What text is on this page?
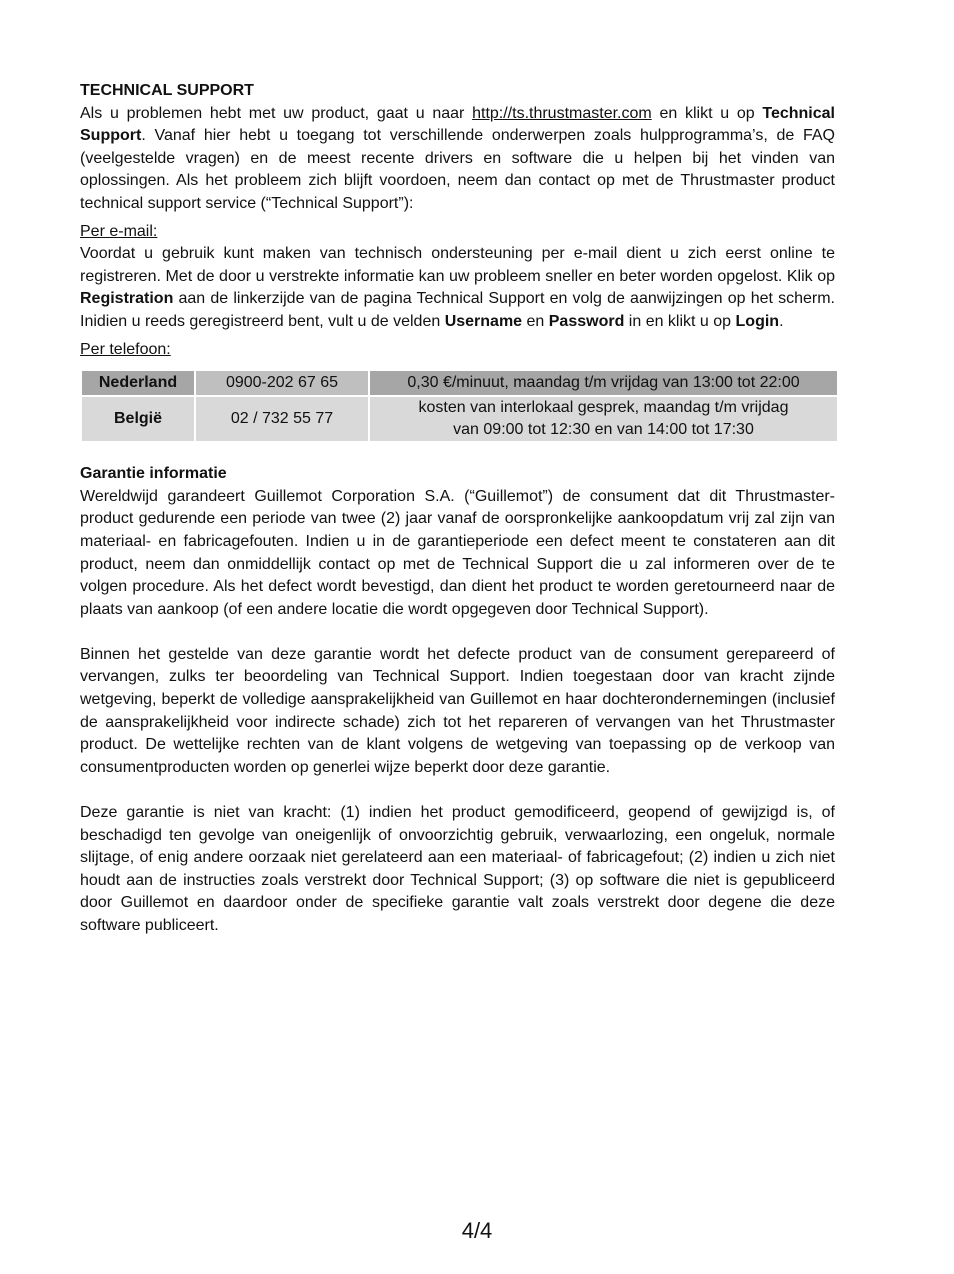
TECHNICAL SUPPORT

Als u problemen hebt met uw product, gaat u naar http://ts.thrustmaster.com en klikt u op Technical Support. Vanaf hier hebt u toegang tot verschillende onderwerpen zoals hulpprogramma’s, de FAQ (veelgestelde vragen) en de meest recente drivers en software die u helpen bij het vinden van oplossingen. Als het probleem zich blijft voordoen, neem dan contact op met de Thrustmaster product technical support service (“Technical Support”):

Per e-mail:

Voordat u gebruik kunt maken van technisch ondersteuning per e-mail dient u zich eerst online te registreren. Met de door u verstrekte informatie kan uw probleem sneller en beter worden opgelost. Klik op Registration aan de linkerzijde van de pagina Technical Support en volg de aanwijzingen op het scherm. Inidien u reeds geregistreerd bent, vult u de velden Username en Password in en klikt u op Login.

Per telefoon:

Nederland	0900-202 67 65	0,30 €/minuut, maandag t/m vrijdag van 13:00 tot 22:00
België	02 / 732 55 77	kosten van interlokaal gesprek, maandag t/m vrijdag
van 09:00 tot 12:30 en van 14:00 tot 17:30

Garantie informatie

Wereldwijd garandeert Guillemot Corporation S.A. (“Guillemot”) de consument dat dit Thrustmaster-product gedurende een periode van twee (2) jaar vanaf de oorspronkelijke aankoopdatum vrij zal zijn van materiaal- en fabricagefouten. Indien u in de garantieperiode een defect meent te constateren aan dit product, neem dan onmiddellijk contact op met de Technical Support die u zal informeren over de te volgen procedure. Als het defect wordt bevestigd, dan dient het product te worden geretourneerd naar de plaats van aankoop (of een andere locatie die wordt opgegeven door Technical Support).

Binnen het gestelde van deze garantie wordt het defecte product van de consument gerepareerd of vervangen, zulks ter beoordeling van Technical Support. Indien toegestaan door van kracht zijnde wetgeving, beperkt de volledige aansprakelijkheid van Guillemot en haar dochterondernemingen (inclusief de aansprakelijkheid voor indirecte schade) zich tot het repareren of vervangen van het Thrustmaster product. De wettelijke rechten van de klant volgens de wetgeving van toepassing op de verkoop van consumentproducten worden op generlei wijze beperkt door deze garantie.

Deze garantie is niet van kracht: (1) indien het product gemodificeerd, geopend of gewijzigd is, of beschadigd ten gevolge van oneigenlijk of onvoorzichtig gebruik, verwaarlozing, een ongeluk, normale slijtage, of enig andere oorzaak niet gerelateerd aan een materiaal- of fabricagefout; (2) indien u zich niet houdt aan de instructies zoals verstrekt door Technical Support; (3) op software die niet is gepubliceerd door Guillemot en daardoor onder de specifieke garantie valt zoals verstrekt door degene die deze software publiceert.

4/4
